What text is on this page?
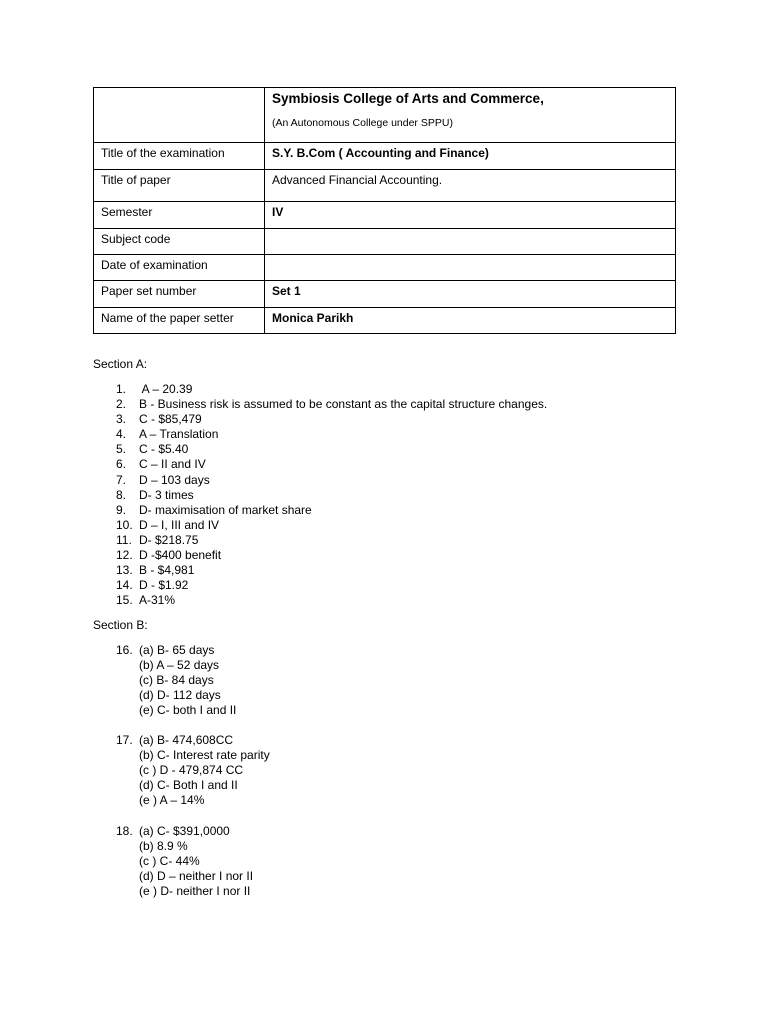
	Symbiosis College of Arts and Commerce,
(An Autonomous College under SPPU)

Title of the examination	S.Y. B.Com ( Accounting and Finance)
Title of paper	Advanced Financial Accounting.
Semester	IV
Subject code	
Date of examination	
Paper set number	Set 1
Name of the paper setter	Monica Parikh

Section A:

1. A – 20.39
2. B - Business risk is assumed to be constant as the capital structure changes.
3. C - $85,479
4. A – Translation
5. C - $5.40
6. C – II and IV
7. D – 103 days
8. D- 3 times
9. D- maximisation of market share
10. D – I, III and IV
11. D- $218.75
12. D -$400 benefit
13. B - $4,981
14. D - $1.92
15. A-31%

Section B:

16. (a) B- 65 days
(b) A – 52 days
(c) B- 84 days
(d) D- 112 days
(e) C- both I and II
17. (a) B- 474,608CC
(b) C- Interest rate parity
(c ) D - 479,874 CC
(d) C- Both I and II
(e ) A – 14%
18. (a) C- $391,0000
(b) 8.9 %
(c ) C- 44%
(d) D – neither I nor II
(e ) D- neither I nor II
